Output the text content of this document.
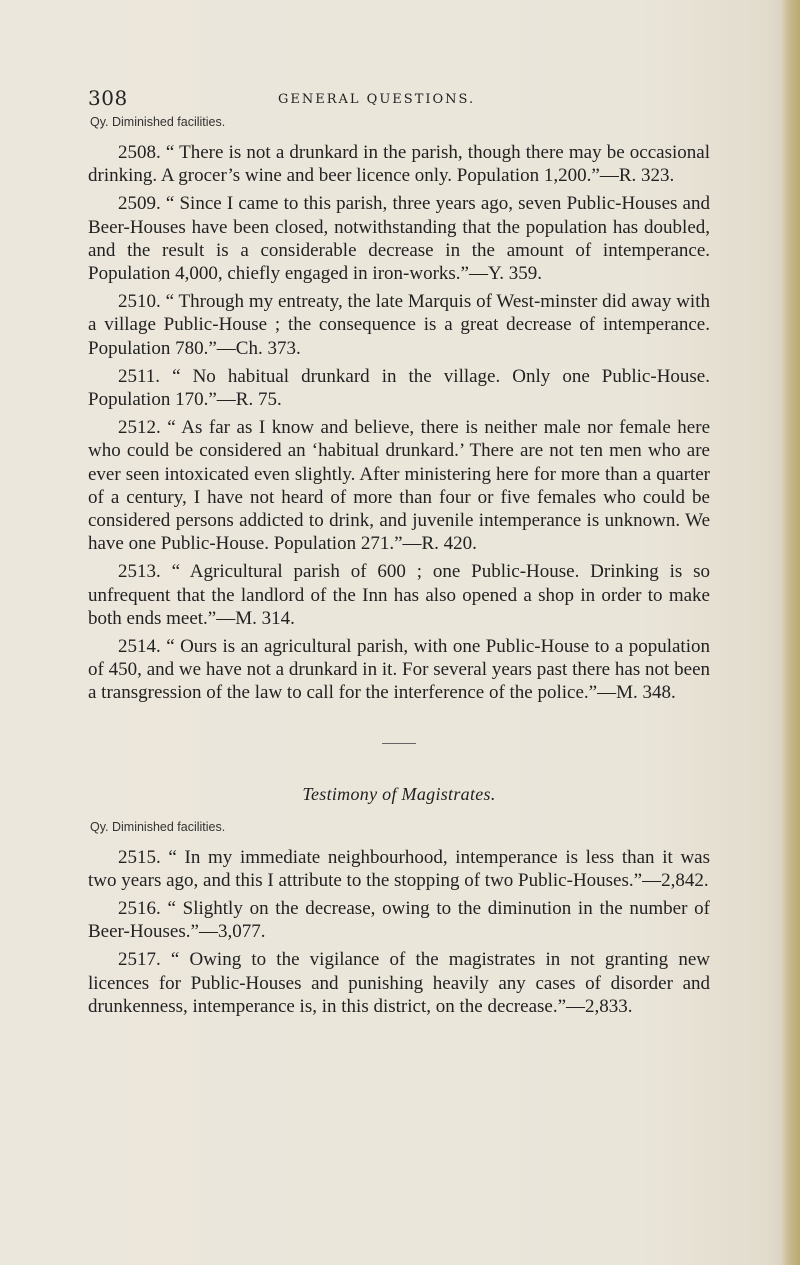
308	GENERAL QUESTIONS.
Qy. Diminished facilities.

2508. “ There is not a drunkard in the parish, though there may be occasional drinking. A grocer’s wine and beer licence only. Population 1,200.”—R. 323.

2509. “ Since I came to this parish, three years ago, seven Public-Houses and Beer-Houses have been closed, notwithstanding that the population has doubled, and the result is a considerable decrease in the amount of intemperance. Population 4,000, chiefly engaged in iron-works.”—Y. 359.

2510. “ Through my entreaty, the late Marquis of West-minster did away with a village Public-House ; the consequence is a great decrease of intemperance. Population 780.”—Ch. 373.

2511. “ No habitual drunkard in the village. Only one Public-House. Population 170.”—R. 75.

2512. “ As far as I know and believe, there is neither male nor female here who could be considered an ‘habitual drunkard.’ There are not ten men who are ever seen intoxicated even slightly. After ministering here for more than a quarter of a century, I have not heard of more than four or five females who could be considered persons addicted to drink, and juvenile intemperance is unknown. We have one Public-House. Population 271.”—R. 420.

2513. “ Agricultural parish of 600 ; one Public-House. Drinking is so unfrequent that the landlord of the Inn has also opened a shop in order to make both ends meet.”—M. 314.

2514. “ Ours is an agricultural parish, with one Public-House to a population of 450, and we have not a drunkard in it. For several years past there has not been a transgression of the law to call for the interference of the police.”—M. 348.

Testimony of Magistrates.
Qy. Diminished facilities.

2515. “ In my immediate neighbourhood, intemperance is less than it was two years ago, and this I attribute to the stopping of two Public-Houses.”—2,842.

2516. “ Slightly on the decrease, owing to the diminution in the number of Beer-Houses.”—3,077.

2517. “ Owing to the vigilance of the magistrates in not granting new licences for Public-Houses and punishing heavily any cases of disorder and drunkenness, intemperance is, in this district, on the decrease.”—2,833.
